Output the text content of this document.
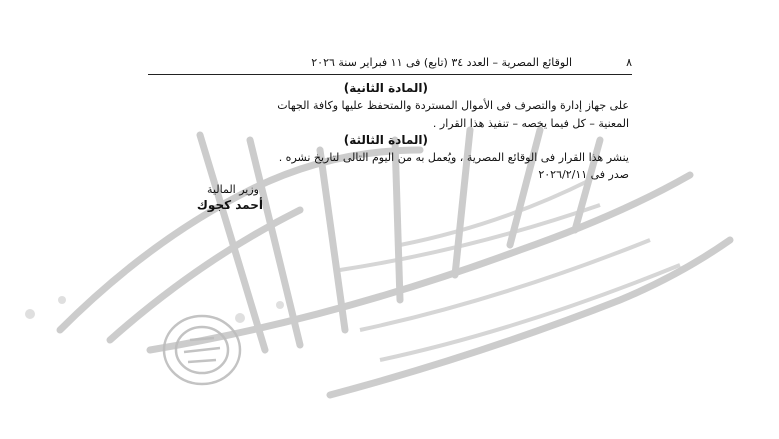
٨
الوقائع المصرية – العدد ٣٤ (تابع) فى ١١ فبراير سنة ٢٠٢٦
(المادة الثانية)
على جهاز إدارة والتصرف فى الأموال المستردة والمتحفظ عليها وكافة الجهات
المعنية – كل فيما يخصه – تنفيذ هذا القرار .
(المادة الثالثة)
ينشر هذا القرار فى الوقائع المصرية ، ويُعمل به من اليوم التالى لتاريخ نشره .
صدر فى ٢٠٢٦/٢/١١
وزير المالية
أحمد كجوك
